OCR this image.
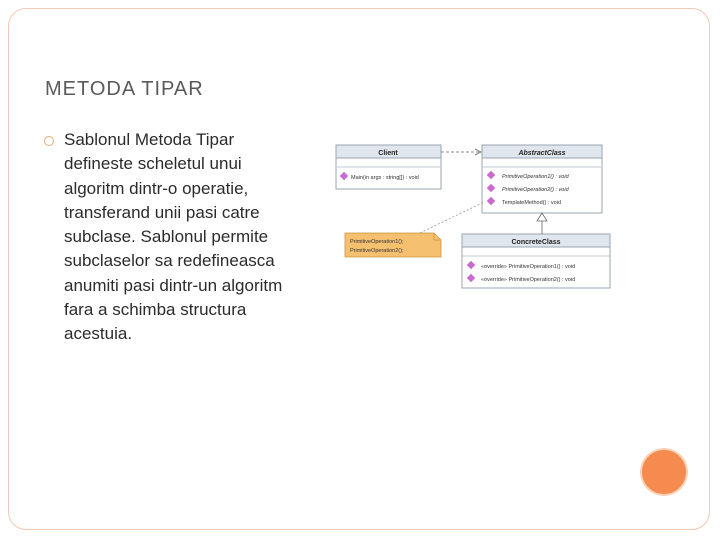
METODA TIPAR
Sablonul Metoda Tipar defineste scheletul unui algoritm dintr-o operatie, transferand unii pasi catre subclase. Sablonul permite subclaselor sa redefineasca anumiti pasi dintr-un algoritm fara a schimba structura acestuia.
Client
Main(in args : string[]) : void
AbstractClass
PrimitiveOperation1() : void
PrimitiveOperation2() : void
TemplateMethod() : void
PrimitiveOperation1();
PrimitiveOperation2();
ConcreteClass
«override» PrimitiveOperation1() : void
«override» PrimitiveOperation2() : void
